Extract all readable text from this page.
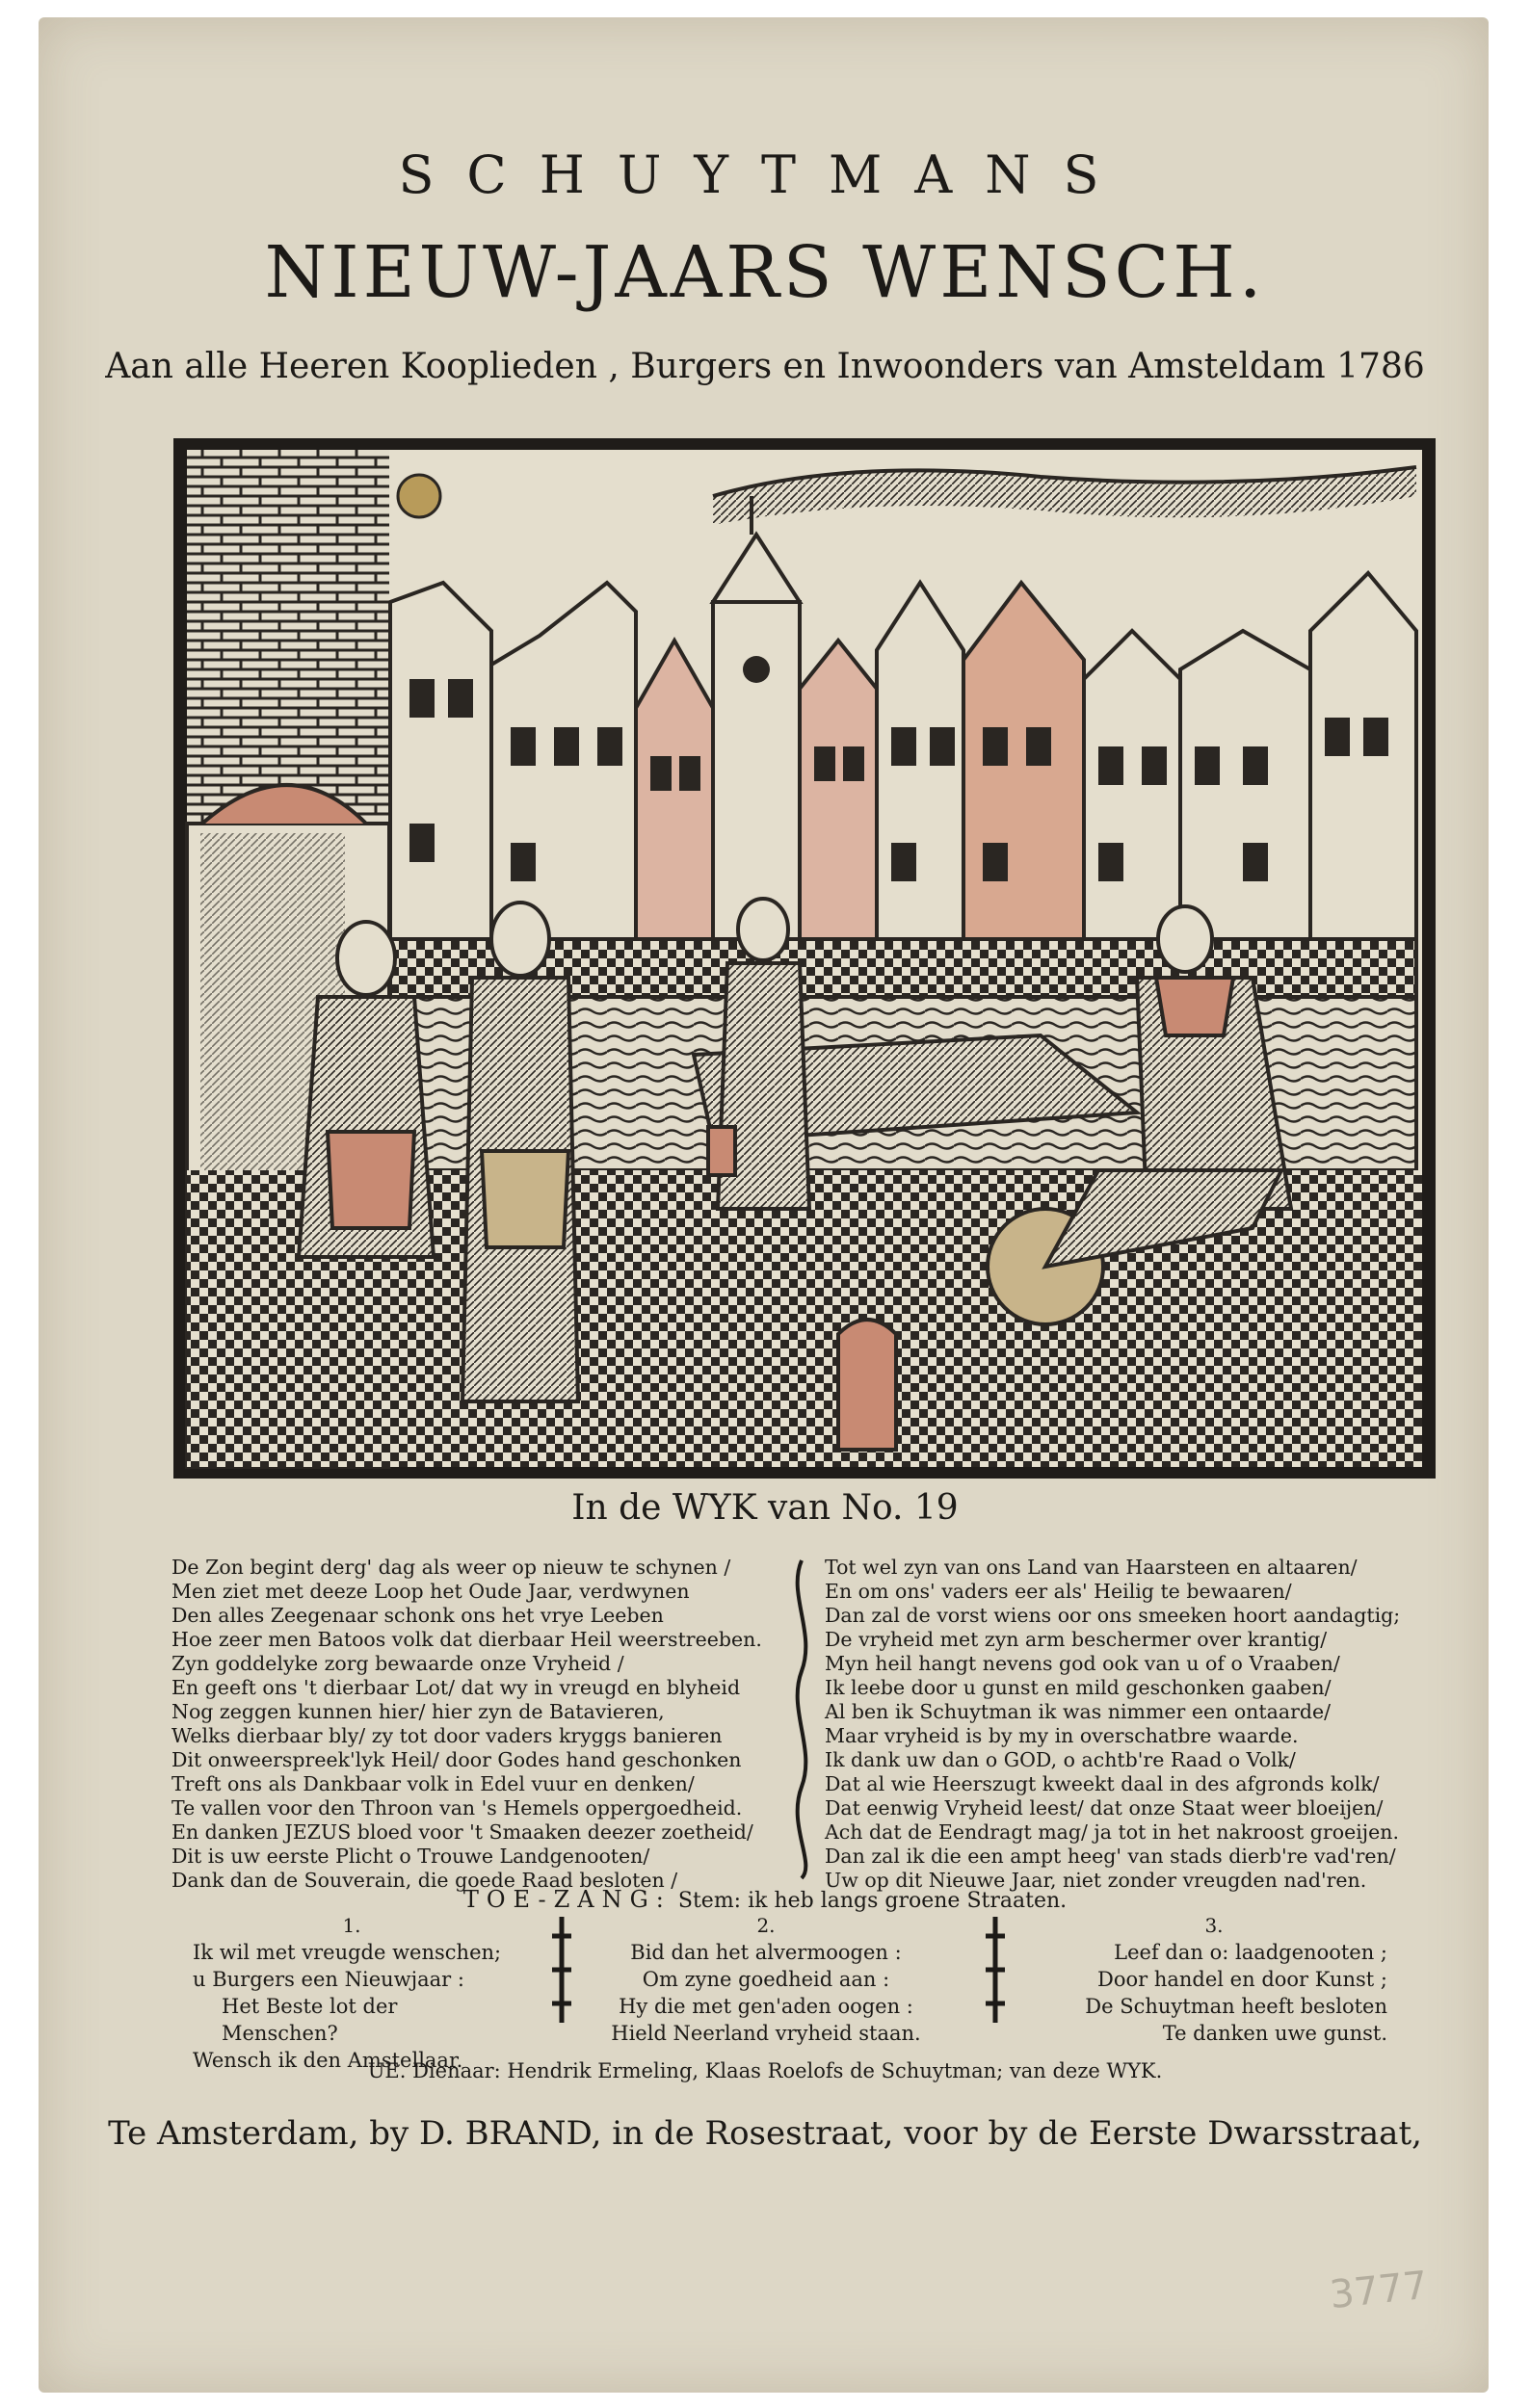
SCHUYTMANS
NIEUW-JAARS WENSCH.
Aan alle Heeren Kooplieden , Burgers en Inwoonders van Amsteldam 1786
In de WYK van No. 19
De Zon begint derg' dag als weer op nieuw te schynen /
Men ziet met deeze Loop het Oude Jaar, verdwynen
Den alles Zeegenaar schonk ons het vrye Leeben
Hoe zeer men Batoos volk dat dierbaar Heil weerstreeben.
Zyn goddelyke zorg bewaarde onze Vryheid /
En geeft ons 't dierbaar Lot/ dat wy in vreugd en blyheid
Nog zeggen kunnen hier/ hier zyn de Batavieren,
Welks dierbaar bly/ zy tot door vaders kryggs banieren
Dit onweerspreek'lyk Heil/ door Godes hand geschonken
Treft ons als Dankbaar volk in Edel vuur en denken/
Te vallen voor den Throon van 's Hemels oppergoedheid.
En danken JEZUS bloed voor 't Smaaken deezer zoetheid/
Dit is uw eerste Plicht o Trouwe Landgenooten/
Dank dan de Souverain, die goede Raad besloten /
Tot wel zyn van ons Land van Haarsteen en altaaren/
En om ons' vaders eer als' Heilig te bewaaren/
Dan zal de vorst wiens oor ons smeeken hoort aandagtig;
De vryheid met zyn arm beschermer over krantig/
Myn heil hangt nevens god ook van u of o Vraaben/
Ik leebe door u gunst en mild geschonken gaaben/
Al ben ik Schuytman ik was nimmer een ontaarde/
Maar vryheid is by my in overschatbre waarde.
Ik dank uw dan o GOD, o achtb're Raad o Volk/
Dat al wie Heerszugt kweekt daal in des afgronds kolk/
Dat eenwig Vryheid leest/ dat onze Staat weer bloeijen/
Ach dat de Eendragt mag/ ja tot in het nakroost groeijen.
Dan zal ik die een ampt heeg' van stads dierb're vad'ren/
Uw op dit Nieuwe Jaar, niet zonder vreugden nad'ren.
TOE-ZANG: Stem: ik heb langs groene Straaten.
1.
Ik wil met vreugde wenschen;
u Burgers een Nieuwjaar :
Het Beste lot der Menschen?
Wensch ik den Amstellaar.
2.
Bid dan het alvermoogen :
Om zyne goedheid aan :
Hy die met gen'aden oogen :
Hield Neerland vryheid staan.
3.
Leef dan o: laadgenooten ;
Door handel en door Kunst ;
De Schuytman heeft besloten
Te danken uwe gunst.
UE. Dienaar: Hendrik Ermeling, Klaas Roelofs de Schuytman; van deze WYK.
Te Amsterdam, by D. BRAND, in de Rosestraat, voor by de Eerste Dwarsstraat,
3777
